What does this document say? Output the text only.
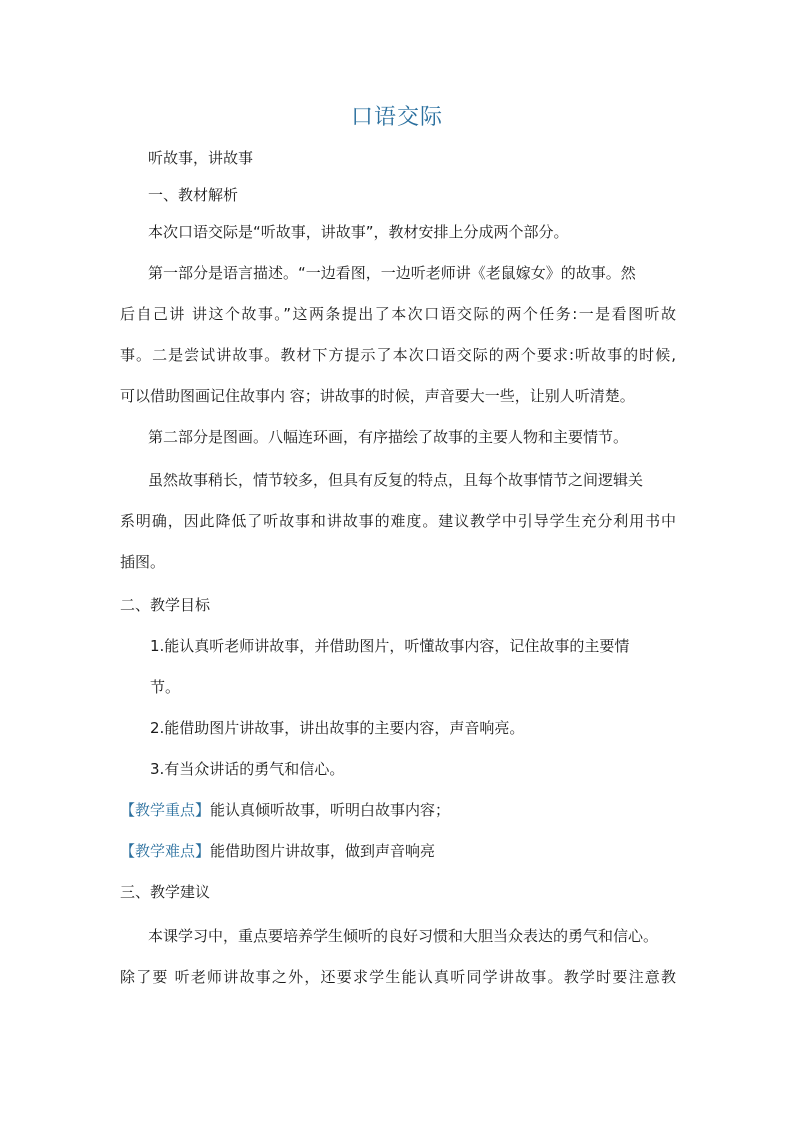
口语交际
听故事，讲故事
一、教材解析
本次口语交际是“听故事，讲故事”，教材安排上分成两个部分。
第一部分是语言描述。“一边看图，一边听老师讲《老鼠嫁女》的故事。然
后自己讲 讲这个故事。”这两条提出了本次口语交际的两个任务:一是看图听故
事。二是尝试讲故事。教材下方提示了本次口语交际的两个要求:听故事的时候,
可以借助图画记住故事内 容；讲故事的时候，声音要大一些，让别人听清楚。
第二部分是图画。八幅连环画，有序描绘了故事的主要人物和主要情节。
虽然故事稍长，情节较多，但具有反复的特点，且每个故事情节之间逻辑关
系明确，因此降低了听故事和讲故事的难度。建议教学中引导学生充分利用书中
插图。
二、教学目标
1.能认真听老师讲故事，并借助图片，听懂故事内容，记住故事的主要情
节。
2.能借助图片讲故事，讲出故事的主要内容，声音响亮。
3.有当众讲话的勇气和信心。
【教学重点】能认真倾听故事，听明白故事内容；
【教学难点】能借助图片讲故事，做到声音响亮
三、教学建议
本课学习中，重点要培养学生倾听的良好习惯和大胆当众表达的勇气和信心。
除了要 听老师讲故事之外，还要求学生能认真听同学讲故事。教学时要注意教
